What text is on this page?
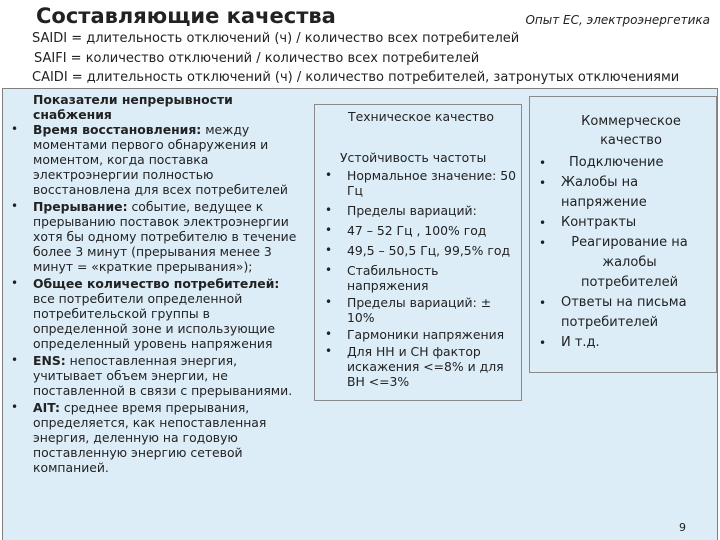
Составляющие качества	Опыт ЕС, электроэнергетика
SAIDI = длительность отключений (ч) / количество всех потребителей
SAIFI = количество отключений / количество всех потребителей
CAIDI = длительность отключений (ч) / количество потребителей, затронутых отключениями
Показатели непрерывности снабжения
• Время восстановления: между моментами первого обнаружения и моментом, когда поставка электроэнергии полностью восстановлена для всех потребителей
• Прерывание: событие, ведущее к прерыванию поставок электроэнергии хотя бы одному потребителю в течение более 3 минут (прерывания менее 3 минут = «краткие прерывания»);
• Общее количество потребителей: все потребители определенной потребительской группы в определенной зоне и использующие определенный уровень напряжения
• ENS: непоставленная энергия, учитывает объем энергии, не поставленной в связи с прерываниями.
• AIT: среднее время прерывания, определяется, как непоставленная энергия, деленную на годовую поставленную энергию сетевой компанией.
Техническое качество
Устойчивость частоты
• Нормальное значение: 50 Гц
• Пределы вариаций:
• 47 – 52 Гц , 100% год
• 49,5 – 50,5 Гц, 99,5% год
• Стабильность напряжения
• Пределы вариаций: ± 10%
• Гармоники напряжения
• Для НН и СН фактор искажения <=8% и для ВН <=3%
Коммерческое качество
• Подключение
• Жалобы на напряжение
• Контракты
• Реагирование на жалобы потребителей
• Ответы на письма потребителей
• И т.д.
9
